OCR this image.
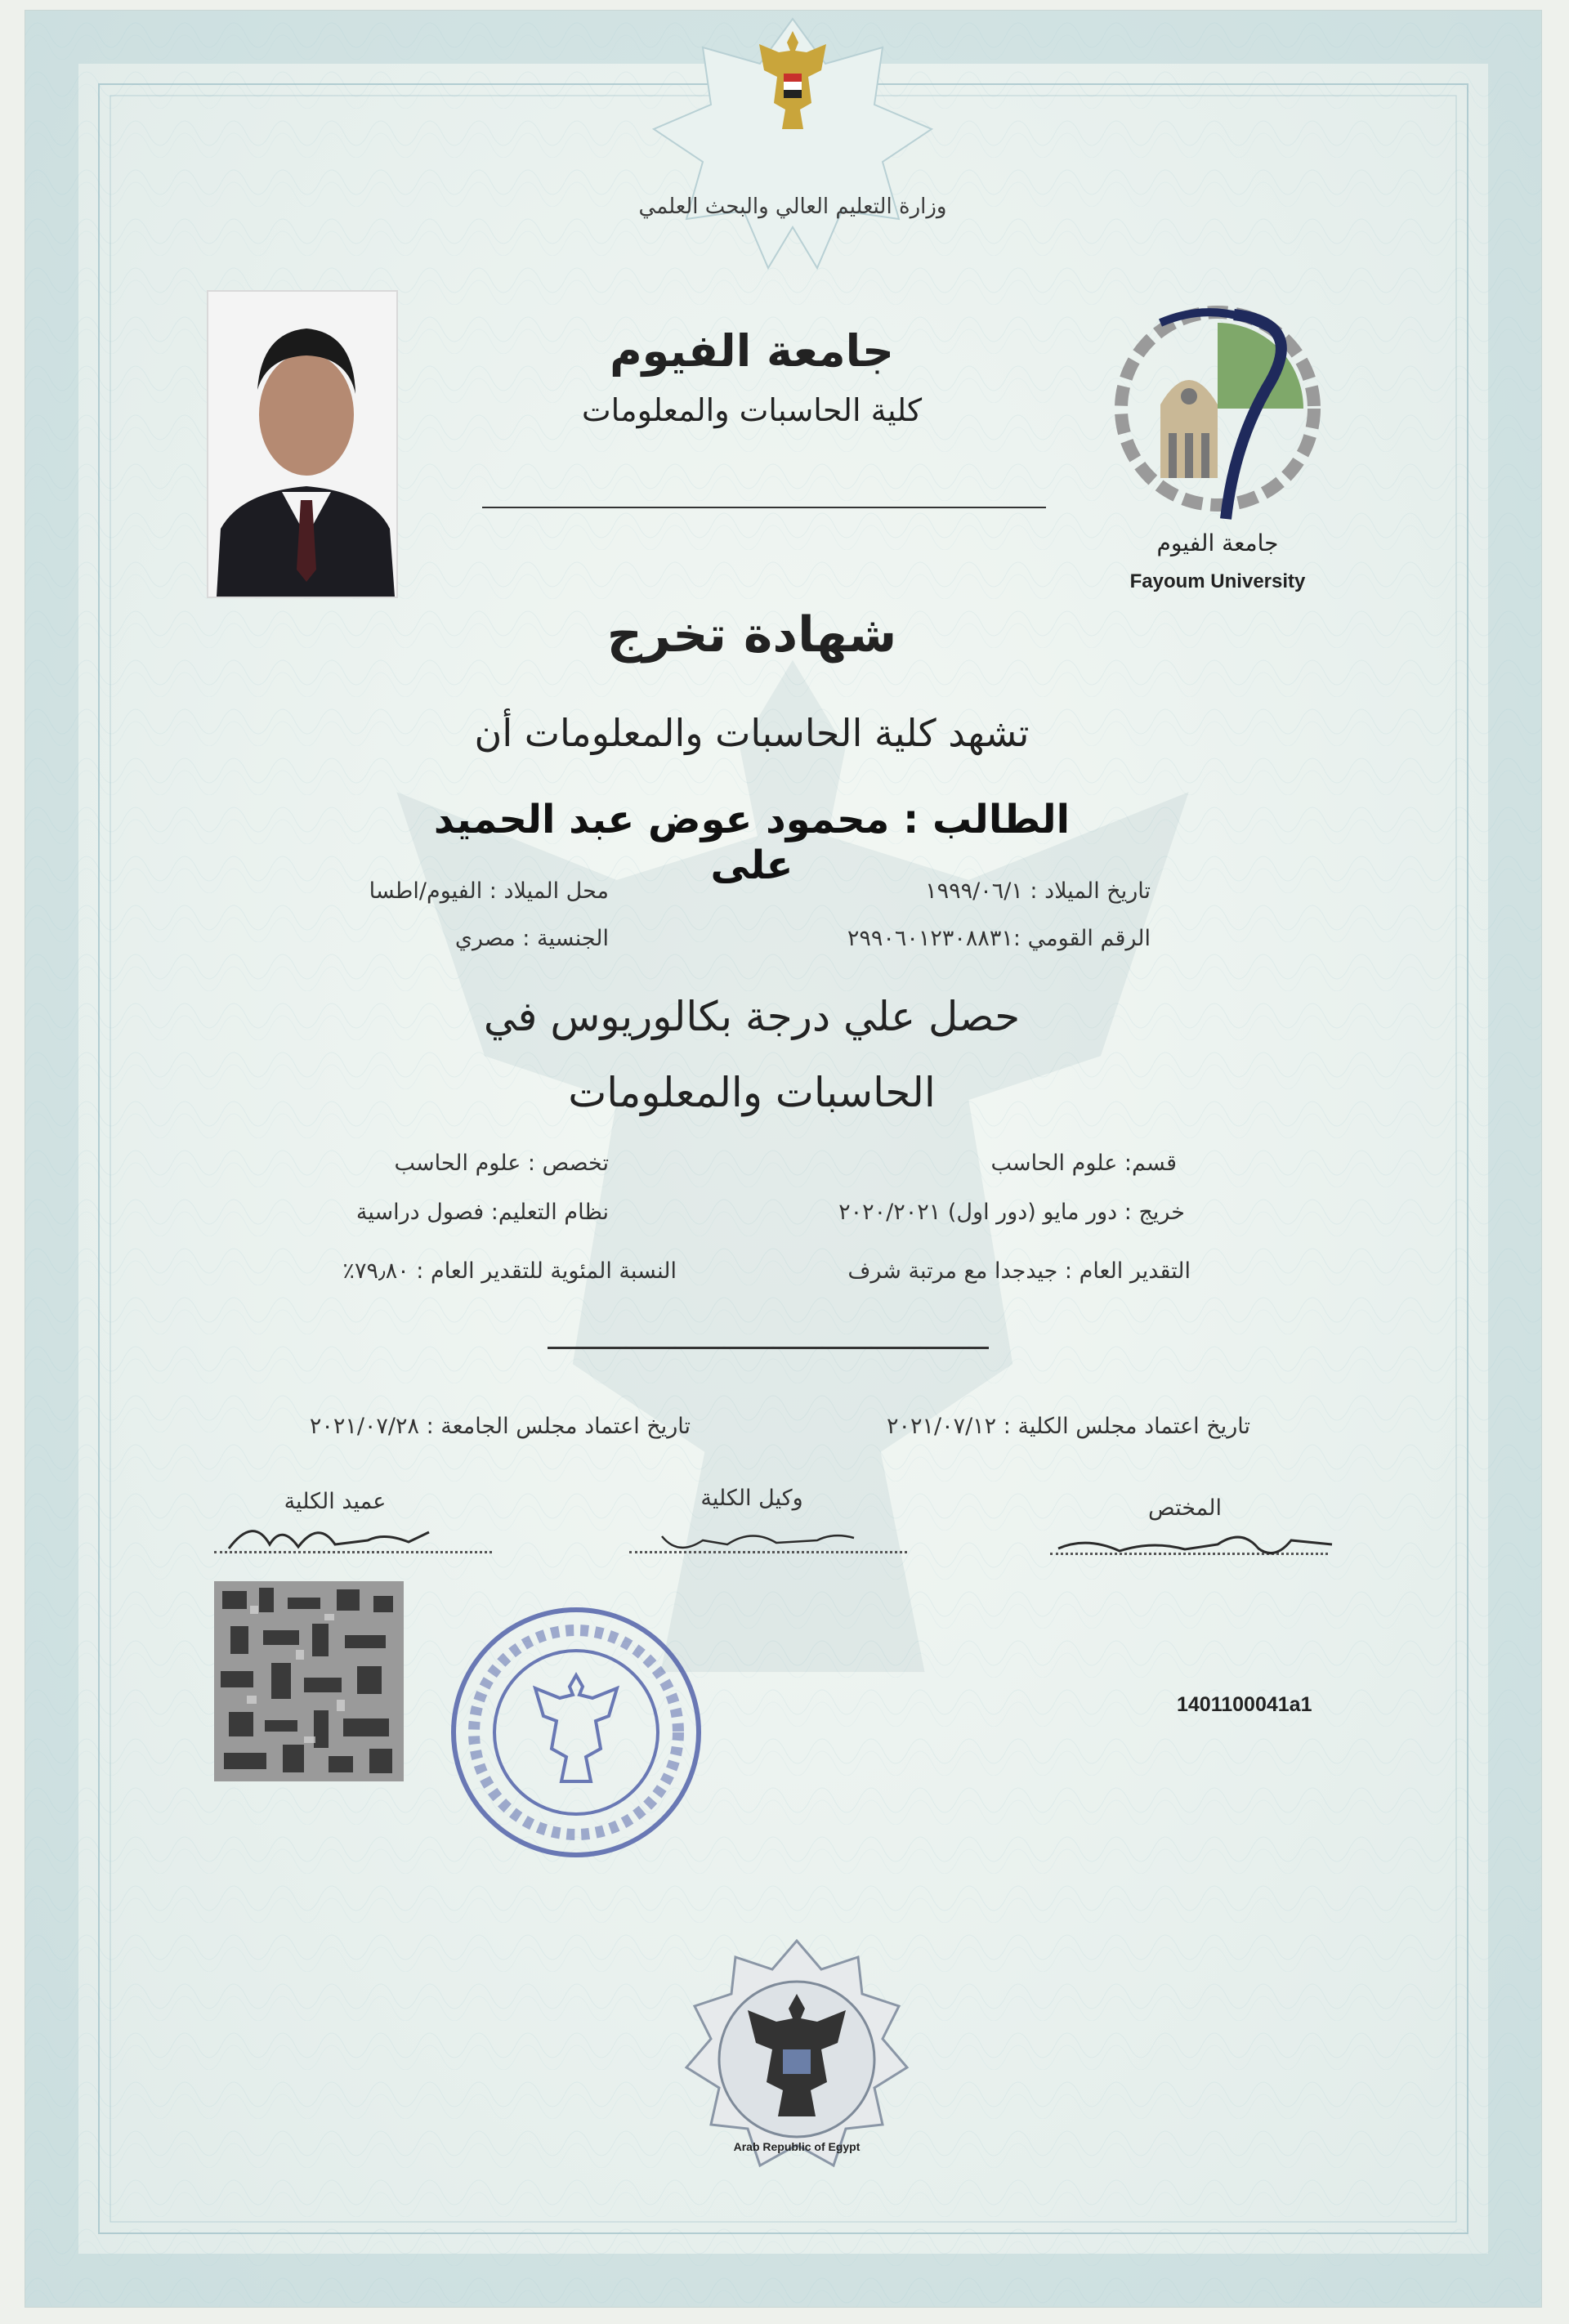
وزارة التعليم العالي والبحث العلمي
جامعة الفيوم
كلية الحاسبات والمعلومات
جامعة الفيوم
Fayoum University
شهادة تخرج
تشهد كلية الحاسبات والمعلومات أن
الطالب : محمود عوض عبد الحميد على
تاريخ الميلاد : ١٩٩٩/٠٦/١
محل الميلاد : الفيوم/اطسا
الرقم القومي :٢٩٩٠٦٠١٢٣٠٨٨٣١
الجنسية : مصري
حصل علي درجة بكالوريوس في
الحاسبات والمعلومات
قسم: علوم الحاسب
تخصص : علوم الحاسب
خريج : دور مايو (دور اول) ٢٠٢٠/٢٠٢١
نظام التعليم: فصول دراسية
التقدير العام : جيدجدا مع مرتبة شرف
النسبة المئوية للتقدير العام : ٧٩٫٨٠٪
تاريخ اعتماد مجلس الكلية : ٢٠٢١/٠٧/١٢
تاريخ اعتماد مجلس الجامعة : ٢٠٢١/٠٧/٢٨
عميد الكلية	وكيل الكلية	المختص
1401100041a1
Arab Republic of Egypt
